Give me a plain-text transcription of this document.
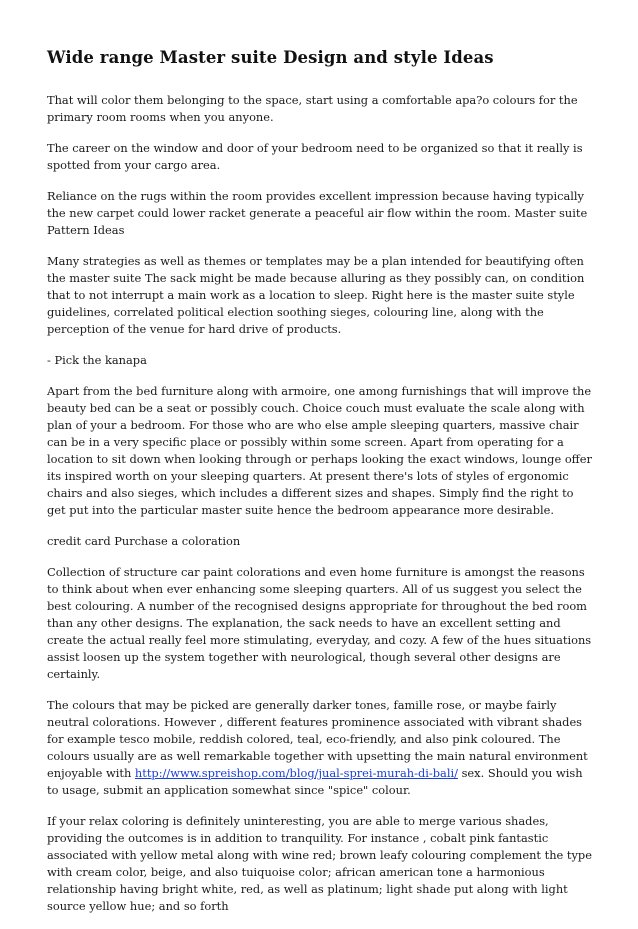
Wide range Master suite Design and style Ideas

That will color them belonging to the space, start using a comfortable apa?o colours for the primary room rooms when you anyone.

The career on the window and door of your bedroom need to be organized so that it really is spotted from your cargo area.

Reliance on the rugs within the room provides excellent impression because having typically the new carpet could lower racket generate a peaceful air flow within the room. Master suite Pattern Ideas

Many strategies as well as themes or templates may be a plan intended for beautifying often the master suite The sack might be made because alluring as they possibly can, on condition that to not interrupt a main work as a location to sleep. Right here is the master suite style guidelines, correlated political election soothing sieges, colouring line, along with the perception of the venue for hard drive of products.

- Pick the kanapa

Apart from the bed furniture along with armoire, one among furnishings that will improve the beauty bed can be a seat or possibly couch. Choice couch must evaluate the scale along with plan of your a bedroom. For those who are who else ample sleeping quarters, massive chair can be in a very specific place or possibly within some screen. Apart from operating for a location to sit down when looking through or perhaps looking the exact windows, lounge offer its inspired worth on your sleeping quarters. At present there's lots of styles of ergonomic chairs and also sieges, which includes a different sizes and shapes. Simply find the right to get put into the particular master suite hence the bedroom appearance more desirable.

credit card Purchase a coloration

Collection of structure car paint colorations and even home furniture is amongst the reasons to think about when ever enhancing some sleeping quarters. All of us suggest you select the best colouring. A number of the recognised designs appropriate for throughout the bed room than any other designs. The explanation, the sack needs to have an excellent setting and create the actual really feel more stimulating, everyday, and cozy. A few of the hues situations assist loosen up the system together with neurological, though several other designs are certainly.

The colours that may be picked are generally darker tones, famille rose, or maybe fairly neutral colorations. However , different features prominence associated with vibrant shades for example tesco mobile, reddish colored, teal, eco-friendly, and also pink coloured. The colours usually are as well remarkable together with upsetting the main natural environment enjoyable with http://www.spreishop.com/blog/jual-sprei-murah-di-bali/ sex. Should you wish to usage, submit an application somewhat since "spice" colour.

If your relax coloring is definitely uninteresting, you are able to merge various shades, providing the outcomes is in addition to tranquility. For instance , cobalt pink fantastic associated with yellow metal along with wine red; brown leafy colouring complement the type with cream color, beige, and also tuiquoise color; african american tone a harmonious relationship having bright white, red, as well as platinum; light shade put along with light source yellow hue; and so forth
